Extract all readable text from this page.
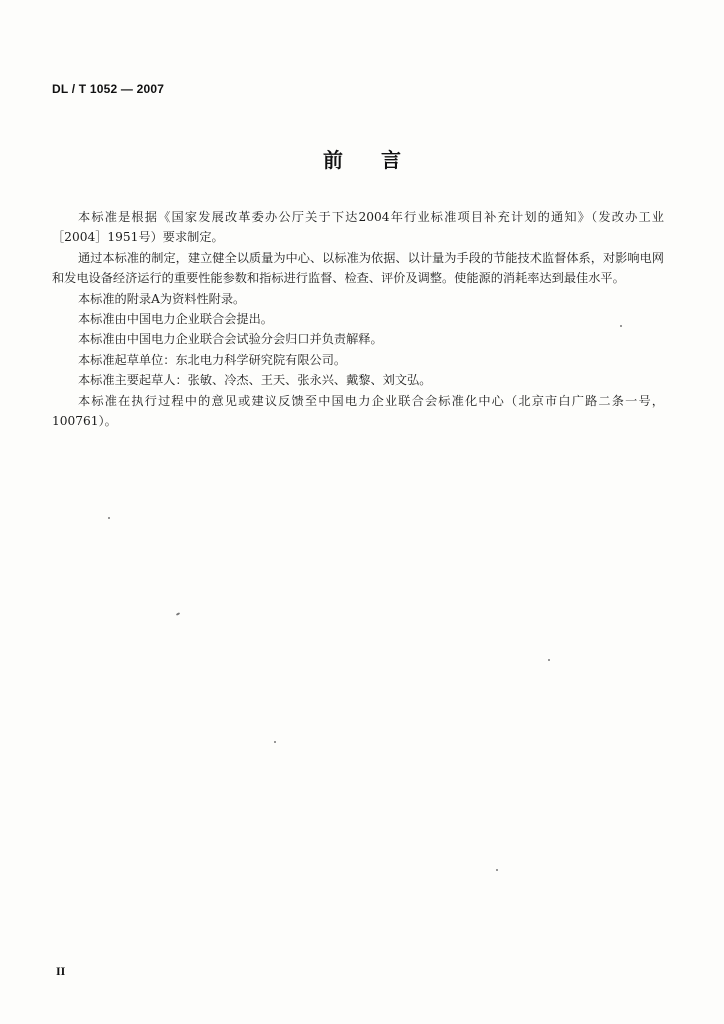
DL / T 1052 — 2007
前言

本标准是根据《国家发展改革委办公厅关于下达2004年行业标准项目补充计划的通知》（发改办工业［2004］1951号）要求制定。

通过本标准的制定，建立健全以质量为中心、以标准为依据、以计量为手段的节能技术监督体系，对影响电网和发电设备经济运行的重要性能参数和指标进行监督、检查、评价及调整。使能源的消耗率达到最佳水平。

本标准的附录A为资料性附录。

本标准由中国电力企业联合会提出。

本标准由中国电力企业联合会试验分会归口并负责解释。

本标准起草单位：东北电力科学研究院有限公司。

本标准主要起草人：张敏、冷杰、王天、张永兴、戴黎、刘文弘。

本标准在执行过程中的意见或建议反馈至中国电力企业联合会标准化中心（北京市白广路二条一号，100761）。

II
